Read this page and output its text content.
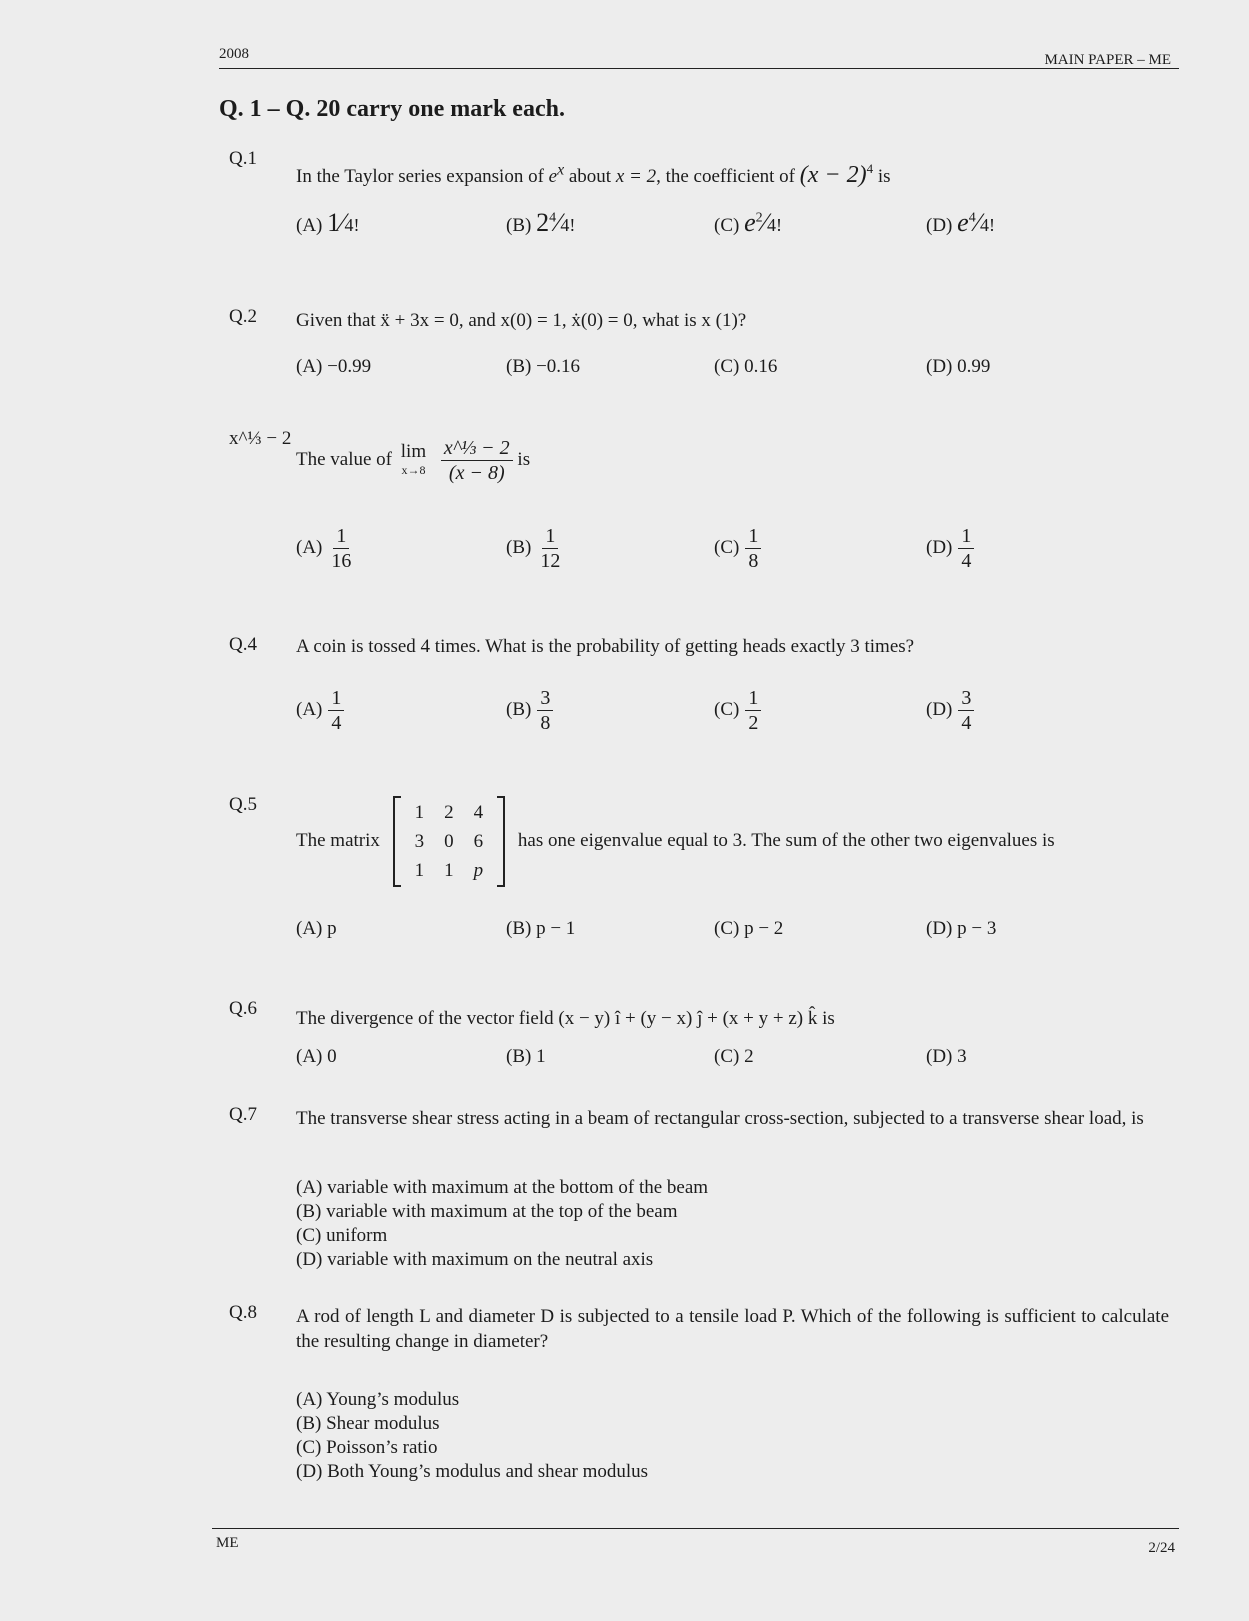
2008	MAIN PAPER – ME
Q. 1 – Q. 20 carry one mark each.
Q.1
In the Taylor series expansion of $e^x$ about x = 2, the coefficient of $(x - 2)^4$ is
(A) 1⁄4!	(B) $2^4⁄4$!	(C) $e^2⁄4$!	(D) $e^4⁄4$!
Q.2 Given that ẍ + 3x = 0, and x(0) = 1, ẋ(0) = 0, what is x (1)?
(A) −0.99	(B) −0.16	(C) 0.16	(D) 0.99
x^⅓ − 2
The value of lim
x→8
$\frac{\text{x\textasciicircum{}⅓ − 2}}{(x - 8)}$ is
$(A) \frac{1}{16}$	$(B) \frac{1}{12}$	$(C) \frac{1}{8}$	$(D) \frac{1}{4}$
Q.4 A coin is tossed 4 times. What is the probability of getting heads exactly 3 times?
$(A) \frac{1}{4}$	$(B) \frac{3}{8}$	$(C) \frac{1}{2}$	$(D) \frac{3}{4}$
Q.5
The matrix
1	2	4
3	0	6
1	1	p
has one eigenvalue equal to 3. The sum of the other two eigenvalues is
(A) p	(B) p − 1	(C) p − 2	(D) p − 3
Q.6 The divergence of the vector field (x − y) î + (y − x) ĵ + (x + y + z) k̂ is
(A) 0	(B) 1	(C) 2	(D) 3
Q.7 The transverse shear stress acting in a beam of rectangular cross-section, subjected to a transverse shear load, is
(A) variable with maximum at the bottom of the beam
(B) variable with maximum at the top of the beam
(C) uniform
(D) variable with maximum on the neutral axis
Q.8 A rod of length L and diameter D is subjected to a tensile load P. Which of the following is sufficient to calculate the resulting change in diameter?
(A) Young’s modulus
(B) Shear modulus
(C) Poisson’s ratio
(D) Both Young’s modulus and shear modulus
ME	2/24
